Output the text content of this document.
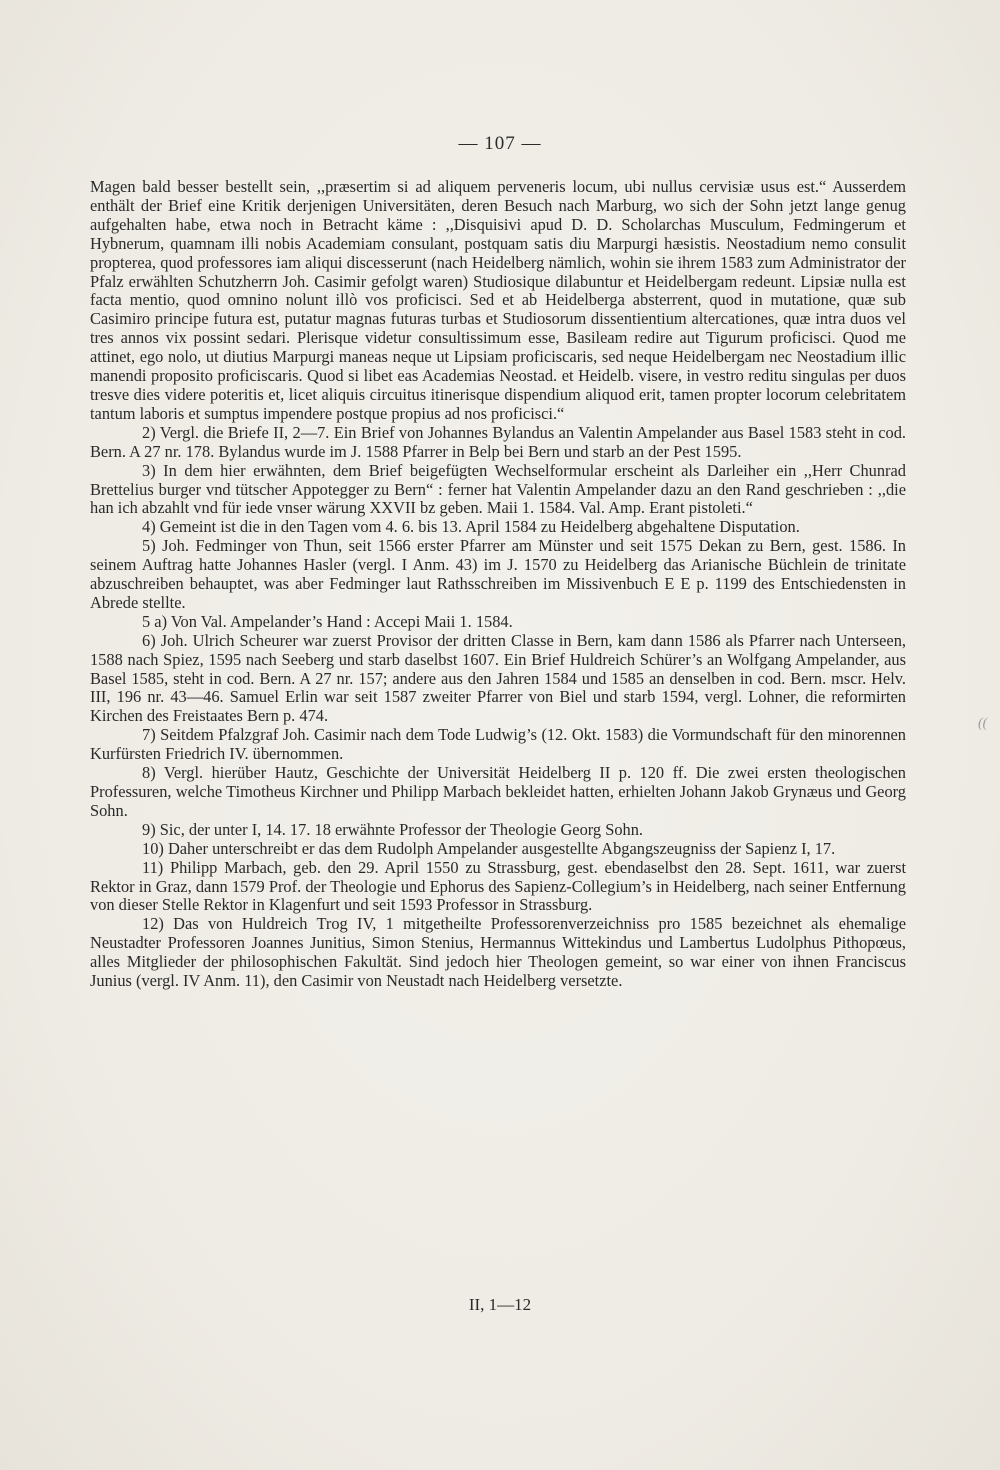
— 107 —

Magen bald besser bestellt sein, ,,præsertim si ad aliquem perveneris locum, ubi nullus cervisiæ usus est.“ Ausserdem enthält der Brief eine Kritik derjenigen Universitäten, deren Besuch nach Marburg, wo sich der Sohn jetzt lange genug aufgehalten habe, etwa noch in Betracht käme : ,,Disquisivi apud D. D. Scholarchas Musculum, Fedmingerum et Hybnerum, quamnam illi nobis Academiam consulant, postquam satis diu Marpurgi hæsistis. Neostadium nemo consulit propterea, quod professores iam aliqui discesserunt (nach Heidelberg nämlich, wohin sie ihrem 1583 zum Administrator der Pfalz erwählten Schutzherrn Joh. Casimir gefolgt waren) Studiosique dilabuntur et Heidelbergam redeunt. Lipsiæ nulla est facta mentio, quod omnino nolunt illò vos proficisci. Sed et ab Heidelberga absterrent, quod in mutatione, quæ sub Casimiro principe futura est, putatur magnas futuras turbas et Studiosorum dissentientium altercationes, quæ intra duos vel tres annos vix possint sedari. Plerisque videtur consultissimum esse, Basileam redire aut Tigurum proficisci. Quod me attinet, ego nolo, ut diutius Marpurgi maneas neque ut Lipsiam proficiscaris, sed neque Heidelbergam nec Neostadium illic manendi proposito proficiscaris. Quod si libet eas Academias Neostad. et Heidelb. visere, in vestro reditu singulas per duos tresve dies videre poteritis et, licet aliquis circuitus itinerisque dispendium aliquod erit, tamen propter locorum celebritatem tantum laboris et sumptus impendere postque propius ad nos proficisci.“

2) Vergl. die Briefe II, 2—7. Ein Brief von Johannes Bylandus an Valentin Ampelander aus Basel 1583 steht in cod. Bern. A 27 nr. 178. Bylandus wurde im J. 1588 Pfarrer in Belp bei Bern und starb an der Pest 1595.

3) In dem hier erwähnten, dem Brief beigefügten Wechselformular erscheint als Darleiher ein ,,Herr Chunrad Brettelius burger vnd tütscher Appotegger zu Bern“ : ferner hat Valentin Ampelander dazu an den Rand geschrieben : ,,die han ich abzahlt vnd für iede vnser wärung XXVII bz geben. Maii 1. 1584. Val. Amp. Erant pistoleti.“

4) Gemeint ist die in den Tagen vom 4. 6. bis 13. April 1584 zu Heidelberg abgehaltene Disputation.

5) Joh. Fedminger von Thun, seit 1566 erster Pfarrer am Münster und seit 1575 Dekan zu Bern, gest. 1586. In seinem Auftrag hatte Johannes Hasler (vergl. I Anm. 43) im J. 1570 zu Heidelberg das Arianische Büchlein de trinitate abzuschreiben behauptet, was aber Fedminger laut Rathsschreiben im Missivenbuch E E p. 1199 des Entschiedensten in Abrede stellte.

5 a) Von Val. Ampelander’s Hand : Accepi Maii 1. 1584.

6) Joh. Ulrich Scheurer war zuerst Provisor der dritten Classe in Bern, kam dann 1586 als Pfarrer nach Unterseen, 1588 nach Spiez, 1595 nach Seeberg und starb daselbst 1607. Ein Brief Huldreich Schürer’s an Wolfgang Ampelander, aus Basel 1585, steht in cod. Bern. A 27 nr. 157; andere aus den Jahren 1584 und 1585 an denselben in cod. Bern. mscr. Helv. III, 196 nr. 43—46. Samuel Erlin war seit 1587 zweiter Pfarrer von Biel und starb 1594, vergl. Lohner, die reformirten Kirchen des Freistaates Bern p. 474.

7) Seitdem Pfalzgraf Joh. Casimir nach dem Tode Ludwig’s (12. Okt. 1583) die Vormundschaft für den minorennen Kurfürsten Friedrich IV. übernommen.

8) Vergl. hierüber Hautz, Geschichte der Universität Heidelberg II p. 120 ff. Die zwei ersten theologischen Professuren, welche Timotheus Kirchner und Philipp Marbach bekleidet hatten, erhielten Johann Jakob Grynæus und Georg Sohn.

9) Sic, der unter I, 14. 17. 18 erwähnte Professor der Theologie Georg Sohn.

10) Daher unterschreibt er das dem Rudolph Ampelander ausgestellte Abgangszeugniss der Sapienz I, 17.

11) Philipp Marbach, geb. den 29. April 1550 zu Strassburg, gest. ebendaselbst den 28. Sept. 1611, war zuerst Rektor in Graz, dann 1579 Prof. der Theologie und Ephorus des Sapienz-Collegium’s in Heidelberg, nach seiner Entfernung von dieser Stelle Rektor in Klagenfurt und seit 1593 Professor in Strassburg.

12) Das von Huldreich Trog IV, 1 mitgetheilte Professorenverzeichniss pro 1585 bezeichnet als ehemalige Neustadter Professoren Joannes Junitius, Simon Stenius, Hermannus Wittekindus und Lambertus Ludolphus Pithopœus, alles Mitglieder der philosophischen Fakultät. Sind jedoch hier Theologen gemeint, so war einer von ihnen Franciscus Junius (vergl. IV Anm. 11), den Casimir von Neustadt nach Heidelberg versetzte.

((
II, 1—12
